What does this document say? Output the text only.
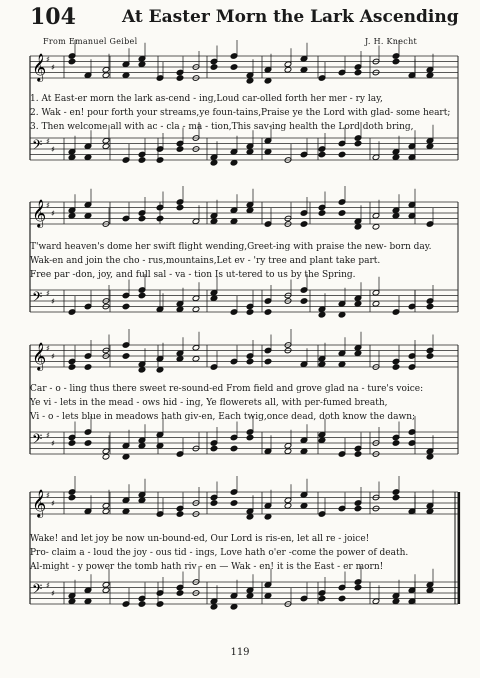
104	At Easter Morn the Lark Ascending
From Emanuel Geibel	J. H. Knecht
𝄞 ♯
♯
𝄢 ♯
♯
𝄞 ♯
♯
𝄢 ♯
♯
𝄞 ♯
♯
𝄢 ♯
♯
𝄞 ♯
♯
𝄢 ♯
♯
1. At East-er morn the lark as-cend - ing,Loud car-olled forth her mer - ry lay,
2. Wak - en! pour forth your streams,ye foun-tains,Praise ye the Lord with glad- some heart;
3. Then welcome all with ac - cla - ma - tion,This sav-ing health the Lord doth bring,
T'ward heaven's dome her swift flight wending,Greet-ing with praise the new- born day.
Wak-en and join the cho - rus,mountains,Let ev - 'ry tree and plant take part.
Free par -don, joy, and full sal - va - tion Is ut-tered to us by the Spring.
Car - o - ling thus there sweet re-sound-ed From field and grove glad na - ture's voice:
Ye vi - lets in the mead - ows hid - ing, Ye flowerets all, with per-fumed breath,
Vi - o - lets blue in meadows hath giv-en, Each twig,once dead, doth know the dawn;
Wake! and let joy be now un-bound-ed, Our Lord is ris-en, let all re - joice!
Pro- claim a - loud the joy - ous tid - ings, Love hath o'er -come the power of death.
Al-might - y power the tomb hath riv - en — Wak - en! it is the East - er morn!
119
